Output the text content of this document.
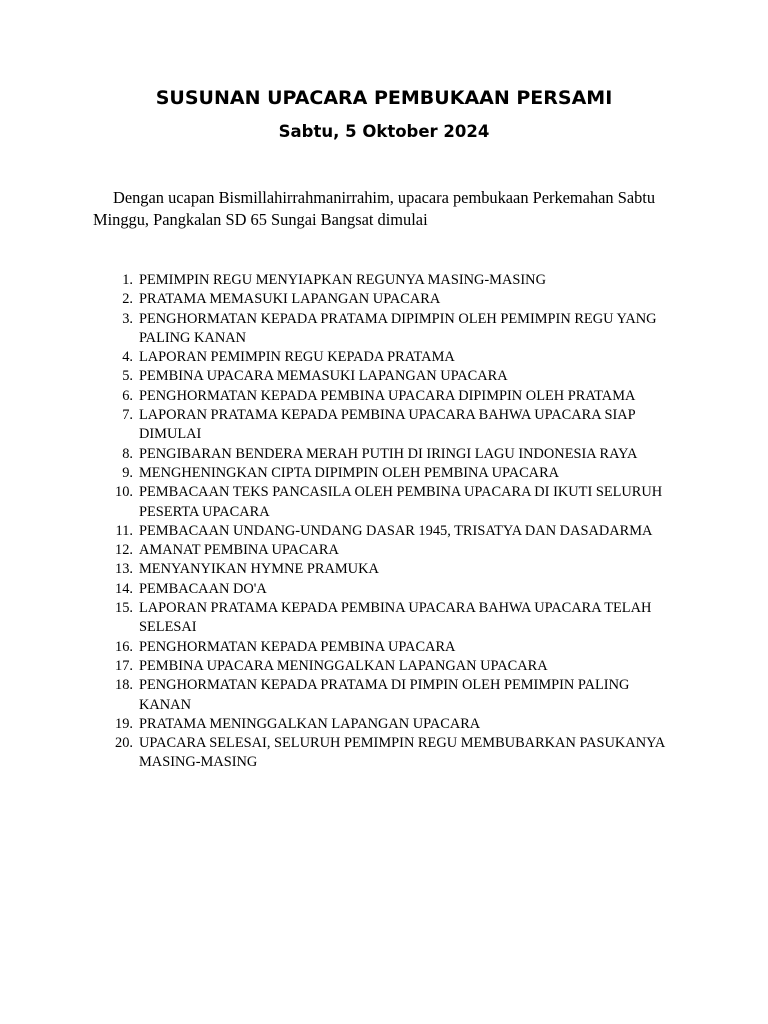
SUSUNAN UPACARA PEMBUKAAN PERSAMI
Sabtu, 5 Oktober 2024

Dengan ucapan Bismillahirrahmanirrahim, upacara pembukaan Perkemahan Sabtu Minggu, Pangkalan SD 65 Sungai Bangsat dimulai

1. PEMIMPIN REGU MENYIAPKAN REGUNYA MASING-MASING
2. PRATAMA MEMASUKI LAPANGAN UPACARA
3. PENGHORMATAN KEPADA PRATAMA DIPIMPIN OLEH PEMIMPIN REGU YANG PALING KANAN
4. LAPORAN PEMIMPIN REGU KEPADA PRATAMA
5. PEMBINA UPACARA MEMASUKI LAPANGAN UPACARA
6. PENGHORMATAN KEPADA PEMBINA UPACARA DIPIMPIN OLEH PRATAMA
7. LAPORAN PRATAMA KEPADA PEMBINA UPACARA BAHWA UPACARA SIAP DIMULAI
8. PENGIBARAN BENDERA MERAH PUTIH DI IRINGI LAGU INDONESIA RAYA
9. MENGHENINGKAN CIPTA DIPIMPIN OLEH PEMBINA UPACARA
10. PEMBACAAN TEKS PANCASILA OLEH PEMBINA UPACARA DI IKUTI SELURUH PESERTA UPACARA
11. PEMBACAAN UNDANG-UNDANG DASAR 1945, TRISATYA DAN DASADARMA
12. AMANAT PEMBINA UPACARA
13. MENYANYIKAN HYMNE PRAMUKA
14. PEMBACAAN DO'A
15. LAPORAN PRATAMA KEPADA PEMBINA UPACARA BAHWA UPACARA TELAH SELESAI
16. PENGHORMATAN KEPADA PEMBINA UPACARA
17. PEMBINA UPACARA MENINGGALKAN LAPANGAN UPACARA
18. PENGHORMATAN KEPADA PRATAMA DI PIMPIN OLEH PEMIMPIN PALING KANAN
19. PRATAMA MENINGGALKAN LAPANGAN UPACARA
20. UPACARA SELESAI, SELURUH PEMIMPIN REGU MEMBUBARKAN PASUKANYA MASING-MASING
